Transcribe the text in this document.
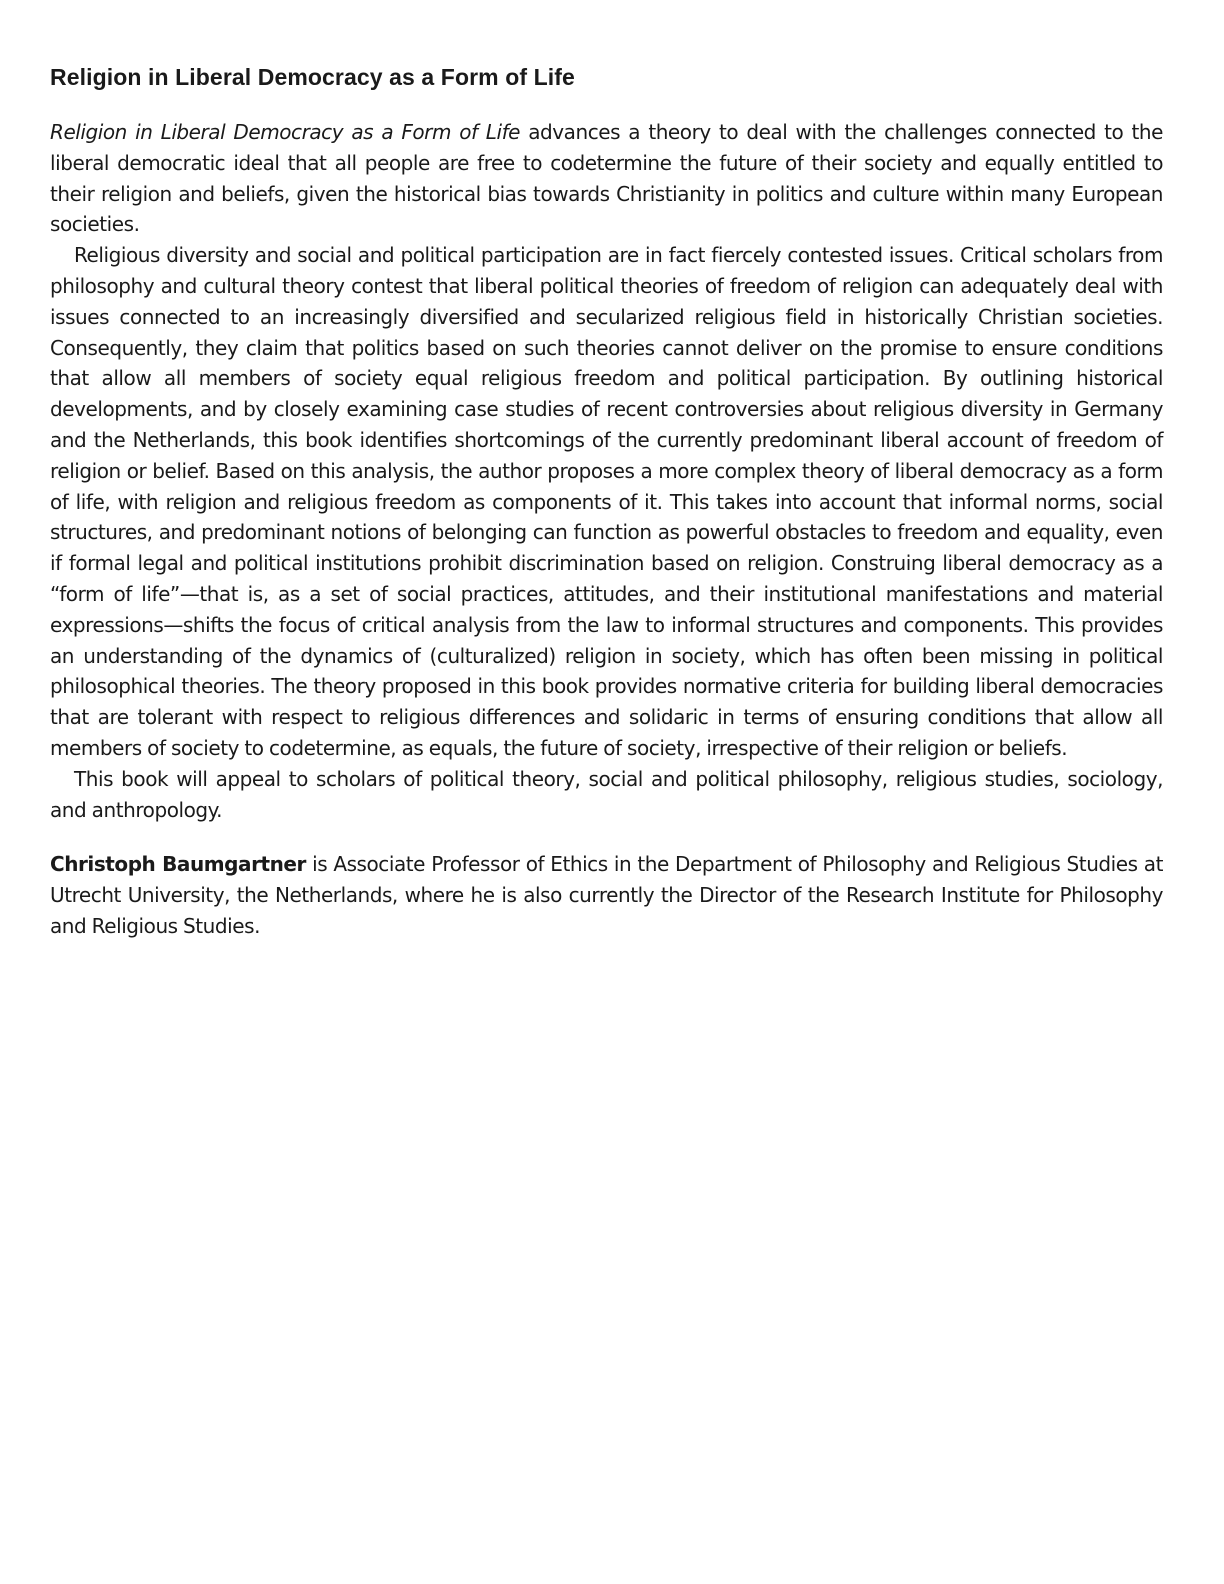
Religion in Liberal Democracy as a Form of Life

Religion in Liberal Democracy as a Form of Life advances a theory to deal with the challenges connected to the liberal democratic ideal that all people are free to codetermine the future of their society and equally entitled to their religion and beliefs, given the historical bias towards Christianity in politics and culture within many European societies.

Religious diversity and social and political participation are in fact fiercely contested issues. Critical scholars from philosophy and cultural theory contest that liberal political theories of freedom of religion can adequately deal with issues connected to an increasingly diversified and secularized religious field in historically Christian societies. Consequently, they claim that politics based on such theories cannot deliver on the promise to ensure conditions that allow all members of society equal religious freedom and political participation. By outlining historical developments, and by closely examining case studies of recent controversies about religious diversity in Germany and the Netherlands, this book identifies shortcomings of the currently predominant liberal account of freedom of religion or belief. Based on this analysis, the author proposes a more complex theory of liberal democracy as a form of life, with religion and religious freedom as components of it. This takes into account that informal norms, social structures, and predominant notions of belonging can function as powerful obstacles to freedom and equality, even if formal legal and political institutions prohibit discrimination based on religion. Construing liberal democracy as a “form of life”—that is, as a set of social practices, attitudes, and their institutional manifestations and material expressions—shifts the focus of critical analysis from the law to informal structures and components. This provides an understanding of the dynamics of (culturalized) religion in society, which has often been missing in political philosophical theories. The theory proposed in this book provides normative criteria for building liberal democracies that are tolerant with respect to religious differences and solidaric in terms of ensuring conditions that allow all members of society to codetermine, as equals, the future of society, irrespective of their religion or beliefs.

This book will appeal to scholars of political theory, social and political philosophy, religious studies, sociology, and anthropology.

Christoph Baumgartner is Associate Professor of Ethics in the Department of Philosophy and Religious Studies at Utrecht University, the Netherlands, where he is also currently the Director of the Research Institute for Philosophy and Religious Studies.
